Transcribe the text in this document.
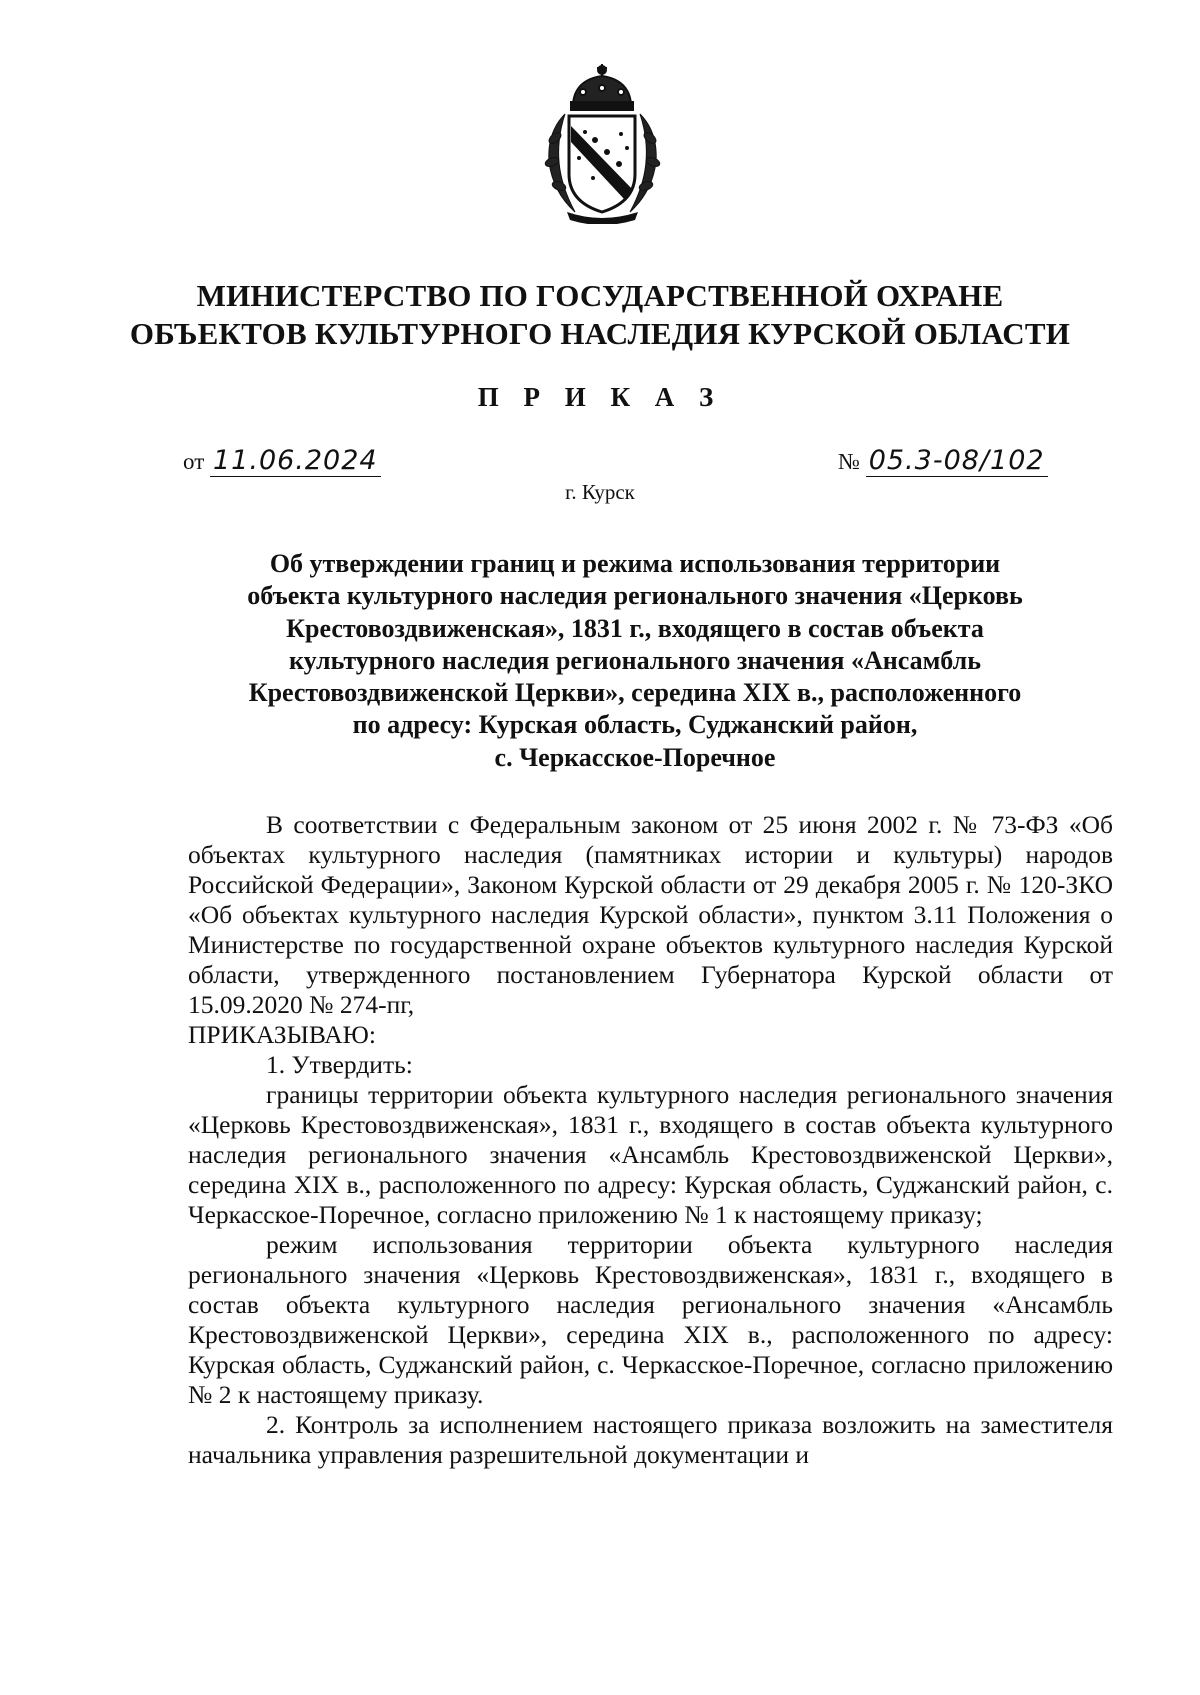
МИНИСТЕРСТВО ПО ГОСУДАРСТВЕННОЙ ОХРАНЕ
ОБЪЕКТОВ КУЛЬТУРНОГО НАСЛЕДИЯ КУРСКОЙ ОБЛАСТИ
П Р И К А З
от 11.06.2024	№ 05.3-08/102
г. Курск
Об утверждении границ и режима использования территории
объекта культурного наследия регионального значения «Церковь
Крестовоздвиженская», 1831 г., входящего в состав объекта
культурного наследия регионального значения «Ансамбль
Крестовоздвиженской Церкви», середина XIX в., расположенного
по адресу: Курская область, Суджанский район,
с. Черкасское-Поречное

В соответствии с Федеральным законом от 25 июня 2002 г. № 73-ФЗ «Об объектах культурного наследия (памятниках истории и культуры) народов Российской Федерации», Законом Курской области от 29 декабря 2005 г. № 120-ЗКО «Об объектах культурного наследия Курской области», пунктом 3.11 Положения о Министерстве по государственной охране объектов культурного наследия Курской области, утвержденного постановлением Губернатора Курской области от 15.09.2020 № 274-пг,

ПРИКАЗЫВАЮ:

1. Утвердить:

границы территории объекта культурного наследия регионального значения «Церковь Крестовоздвиженская», 1831 г., входящего в состав объекта культурного наследия регионального значения «Ансамбль Крестовоздвиженской Церкви», середина XIX в., расположенного по адресу: Курская область, Суджанский район, с. Черкасское-Поречное, согласно приложению № 1 к настоящему приказу;

режим использования территории объекта культурного наследия регионального значения «Церковь Крестовоздвиженская», 1831 г., входящего в состав объекта культурного наследия регионального значения «Ансамбль Крестовоздвиженской Церкви», середина XIX в., расположенного по адресу: Курская область, Суджанский район, с. Черкасское-Поречное, согласно приложению № 2 к настоящему приказу.

2. Контроль за исполнением настоящего приказа возложить на заместителя начальника управления разрешительной документации и
